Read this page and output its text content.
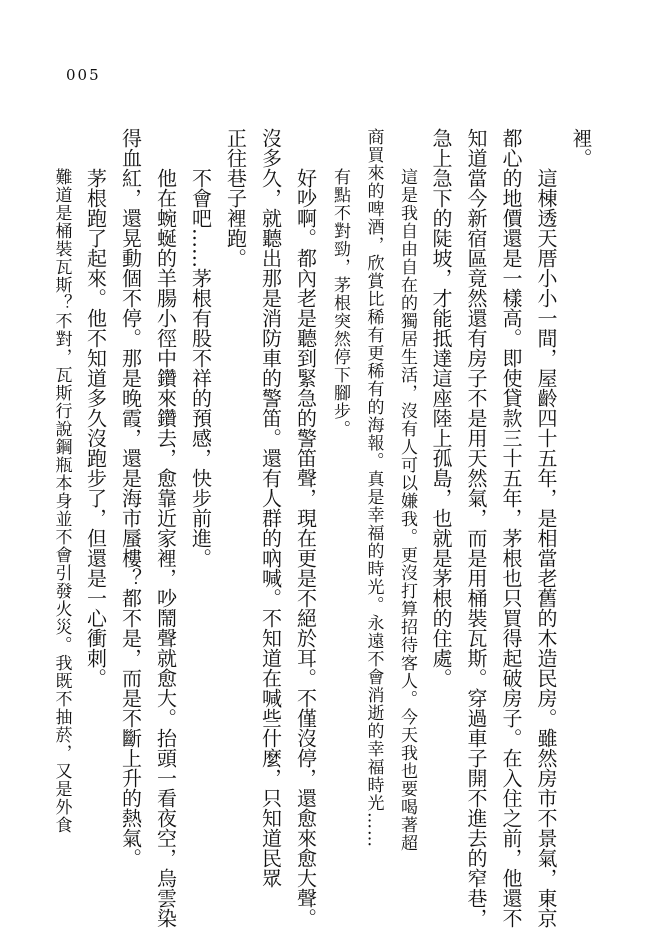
005

裡。

這棟透天厝小小一間，屋齡四十五年，是相當老舊的木造民房。雖然房市不景氣，東京

都心的地價還是一樣高。即使貸款三十五年，茅根也只買得起破房子。在入住之前，他還不

知道當今新宿區竟然還有房子不是用天然氣，而是用桶裝瓦斯。穿過車子開不進去的窄巷，

急上急下的陡坡，才能抵達這座陸上孤島，也就是茅根的住處。

這是我自由自在的獨居生活，沒有人可以嫌我。更沒打算招待客人。今天我也要喝著超

商買來的啤酒，欣賞比稀有更稀有的海報。真是幸福的時光。永遠不會消逝的幸福時光……

有點不對勁，茅根突然停下腳步。

好吵啊。都內老是聽到緊急的警笛聲，現在更是不絕於耳。不僅沒停，還愈來愈大聲。

沒多久，就聽出那是消防車的警笛。還有人群的吶喊。不知道在喊些什麼，只知道民眾

正往巷子裡跑。

不會吧……茅根有股不祥的預感，快步前進。

他在蜿蜒的羊腸小徑中鑽來鑽去，愈靠近家裡，吵鬧聲就愈大。抬頭一看夜空，烏雲染

得血紅，還晃動個不停。那是晚霞，還是海市蜃樓？都不是，而是不斷上升的熱氣。

茅根跑了起來。他不知道多久沒跑步了，但還是一心衝刺。

難道是桶裝瓦斯？不對，瓦斯行說鋼瓶本身並不會引發火災。我既不抽菸，又是外食
